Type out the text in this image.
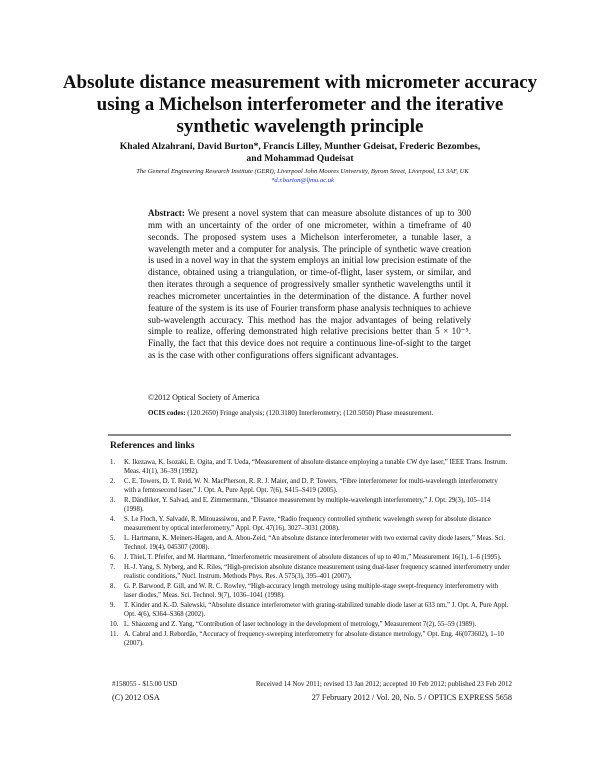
Absolute distance measurement with micrometer accuracy using a Michelson interferometer and the iterative synthetic wavelength principle
Khaled Alzahrani, David Burton*, Francis Lilley, Munther Gdeisat, Frederic Bezombes,
and Mohammad Qudeisat
The General Engineering Research Institute (GERI), Liverpool John Moores University, Byrom Street, Liverpool, L3 3AF, UK
*d.r.burton@ljmu.ac.uk
Abstract: We present a novel system that can measure absolute distances of up to 300 mm with an uncertainty of the order of one micrometer, within a timeframe of 40 seconds. The proposed system uses a Michelson interferometer, a tunable laser, a wavelength meter and a computer for analysis. The principle of synthetic wave creation is used in a novel way in that the system employs an initial low precision estimate of the distance, obtained using a triangulation, or time-of-flight, laser system, or similar, and then iterates through a sequence of progressively smaller synthetic wavelengths until it reaches micrometer uncertainties in the determination of the distance. A further novel feature of the system is its use of Fourier transform phase analysis techniques to achieve sub-wavelength accuracy. This method has the major advantages of being relatively simple to realize, offering demonstrated high relative precisions better than 5 × 10⁻⁵. Finally, the fact that this device does not require a continuous line-of-sight to the target as is the case with other configurations offers significant advantages.
©2012 Optical Society of America
OCIS codes: (120.2650) Fringe analysis; (120.3180) Interferometry; (120.5050) Phase measurement.
References and links
1.	K. Ikezawa, K. Isozaki, E. Ogita, and T. Ueda, “Measurement of absolute distance employing a tunable CW dye laser,” IEEE Trans. Instrum. Meas. 41(1), 36–39 (1992).
2.	C. E. Towers, D. T. Reid, W. N. MacPherson, R. R. J. Maier, and D. P. Towers, “Fibre interferometer for multi-wavelength interferometry with a femtosecond laser,” J. Opt. A, Pure Appl. Opt. 7(6), S415–S419 (2005).
3.	R. Dändliker, Y. Salvad, and E. Zimmermann, “Distance measurement by multiple-wavelength interferometry,” J. Opt. 29(3), 105–114 (1998).
4.	S. Le Floch, Y. Salvadé, R. Mitouassiwou, and P. Favre, “Radio frequency controlled synthetic wavelength sweep for absolute distance measurement by optical interferometry,” Appl. Opt. 47(16), 3027–3031 (2008).
5.	L. Hartmann, K. Meiners-Hagen, and A. Abou-Zeid, “An absolute distance interferometer with two external cavity diode lasers,” Meas. Sci. Technol. 19(4), 045307 (2008).
6.	J. Thiel, T. Pfeifer, and M. Hartmann, “Interferometric measurement of absolute distances of up to 40 m,” Measurement 16(1), 1–6 (1995).
7.	H.-J. Yang, S. Nyberg, and K. Riles, “High-precision absolute distance measurement using dual-laser frequency scanned interferometry under realistic conditions,” Nucl. Instrum. Methods Phys. Res. A 575(3), 395–401 (2007).
8.	G. P. Barwood, P. Gill, and W. R. C. Rowley, “High-accuracy length metrology using multiple-stage swept-frequency interferometry with laser diodes,” Meas. Sci. Technol. 9(7), 1036–1041 (1998).
9.	T. Kinder and K.-D. Salewski, “Absolute distance interferometer with grating-stabilized tunable diode laser at 633 nm,” J. Opt. A, Pure Appl. Opt. 4(6), S364–S368 (2002).
10. L. Shaozeng and Z. Yang, “Contribution of laser technology in the development of metrology,” Measurement 7(2), 55–59 (1989).
11. A. Cabral and J. Rebordão, “Accuracy of frequency-sweeping interferometry for absolute distance metrology,” Opt. Eng. 46(073602), 1–10 (2007).
#158055 - $15.00 USD	Received 14 Nov 2011; revised 13 Jan 2012; accepted 10 Feb 2012; published 23 Feb 2012
(C) 2012 OSA	27 February 2012 / Vol. 20, No. 5 / OPTICS EXPRESS 5658
